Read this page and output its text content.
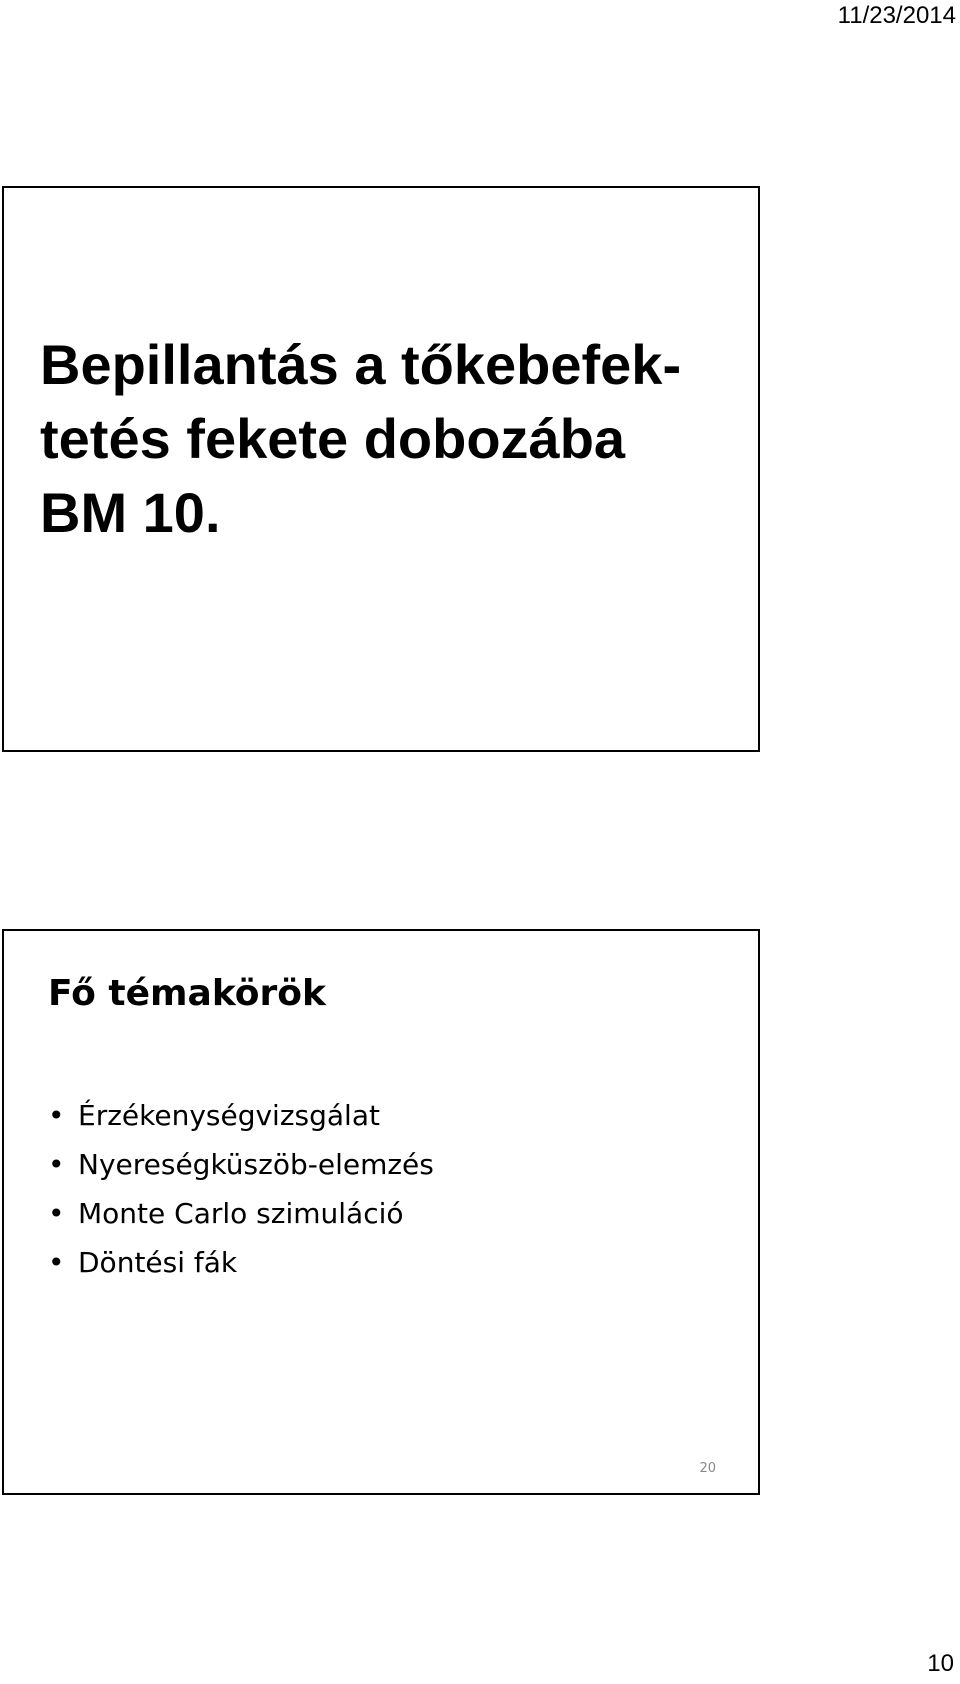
11/23/2014
Bepillantás a tőkebefek-
tetés fekete dobozába
BM 10.
Fő témakörök
• Érzékenységvizsgálat
• Nyereségküszöb-elemzés
• Monte Carlo szimuláció
• Döntési fák
20
10
